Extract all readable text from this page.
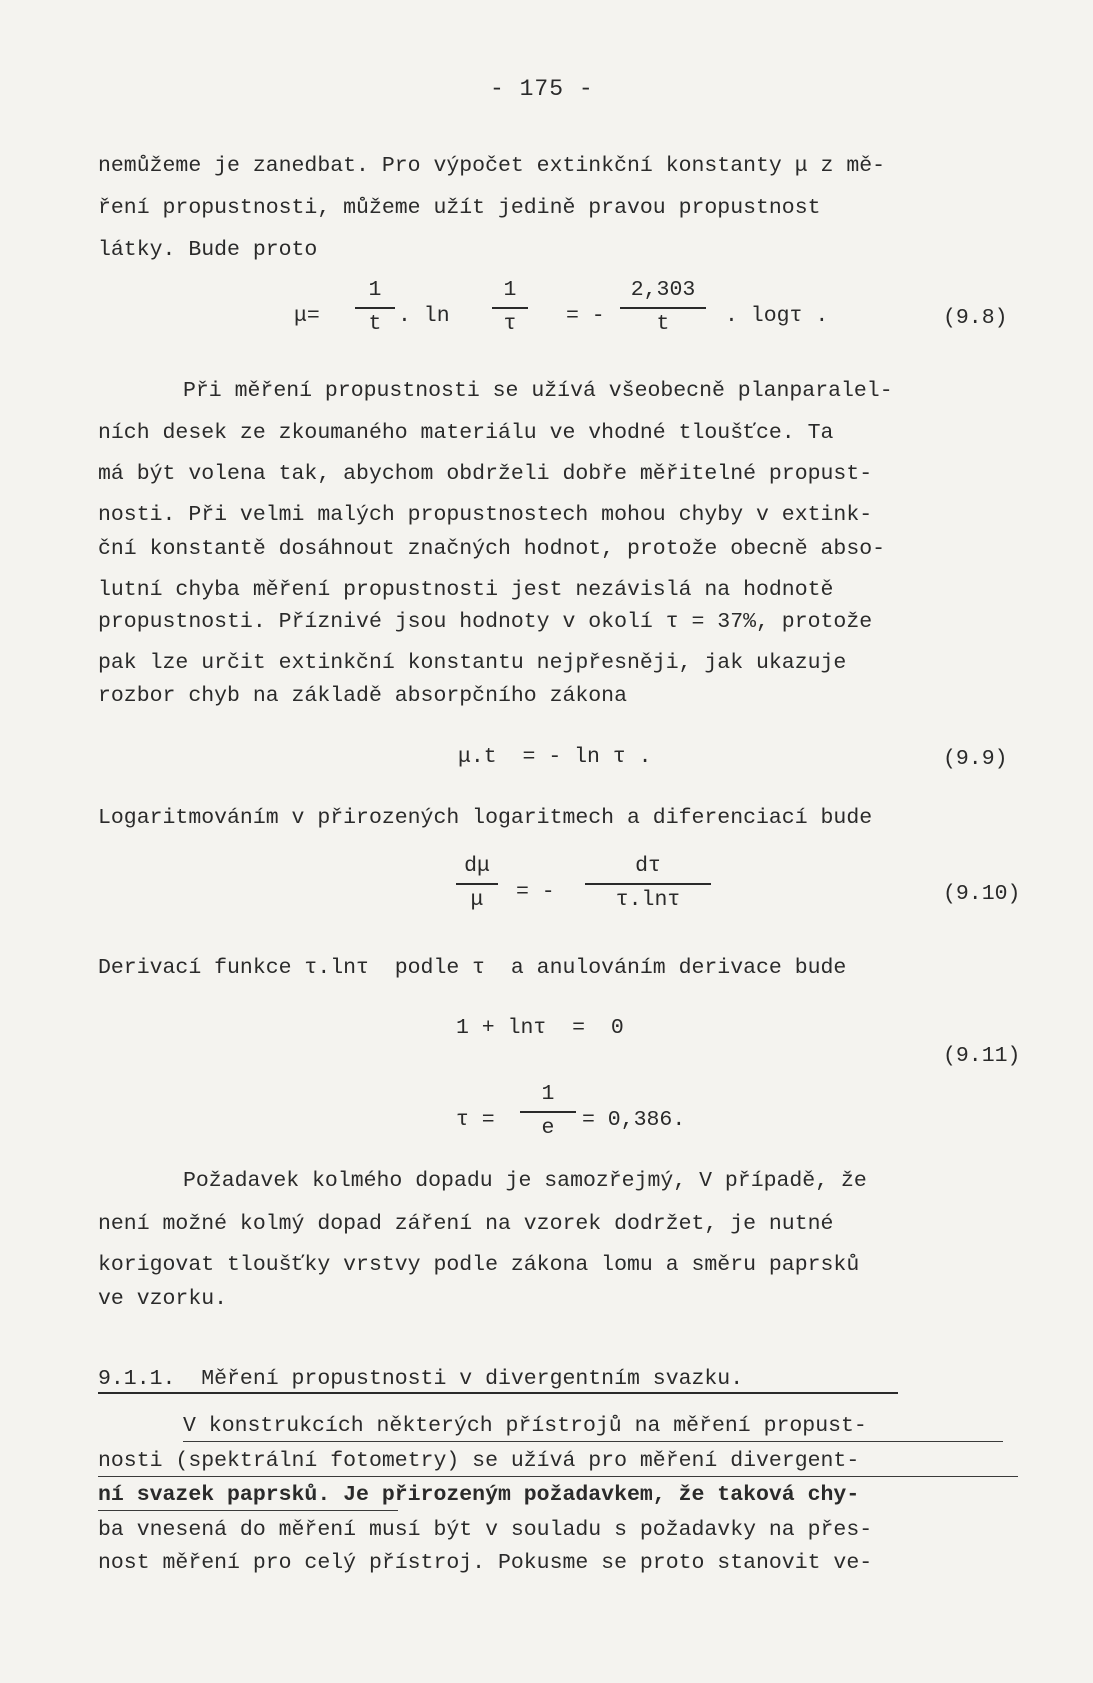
- 175 -
nemůžeme je zanedbat. Pro výpočet extinkční konstanty μ z mě-
ření propustnosti, můžeme užít jedině pravou propustnost
látky. Bude proto
μ=
1
t . ln
1
τ	= -
2,303
t	. logτ .	(9.8)
Při měření propustnosti se užívá všeobecně planparalel-
ních desek ze zkoumaného materiálu ve vhodné tloušťce. Ta
má být volena tak, abychom obdrželi dobře měřitelné propust-
nosti. Při velmi malých propustnostech mohou chyby v extink-
ční konstantě dosáhnout značných hodnot, protože obecně abso-
lutní chyba měření propustnosti jest nezávislá na hodnotě
propustnosti. Příznivé jsou hodnoty v okolí τ = 37%, protože
pak lze určit extinkční konstantu nejpřesněji, jak ukazuje
rozbor chyb na základě absorpčního zákona
μ.t  = - ln τ .	(9.9)
Logaritmováním v přirozených logaritmech a diferenciací bude
dμ
μ	= -
dτ
τ.lnτ	(9.10)
Derivací funkce τ.lnτ  podle τ  a anulováním derivace bude
1 + lnτ  =  0
(9.11)
τ =
1
e	= 0,386.
Požadavek kolmého dopadu je samozřejmý, V případě, že
není možné kolmý dopad záření na vzorek dodržet, je nutné
korigovat tloušťky vrstvy podle zákona lomu a směru paprsků
ve vzorku.
9.1.1.  Měření propustnosti v divergentním svazku.
V konstrukcích některých přístrojů na měření propust-
nosti (spektrální fotometry) se užívá pro měření divergent-
ní svazek paprsků. Je přirozeným požadavkem, že taková chy-
ba vnesená do měření musí být v souladu s požadavky na přes-
nost měření pro celý přístroj. Pokusme se proto stanovit ve-
